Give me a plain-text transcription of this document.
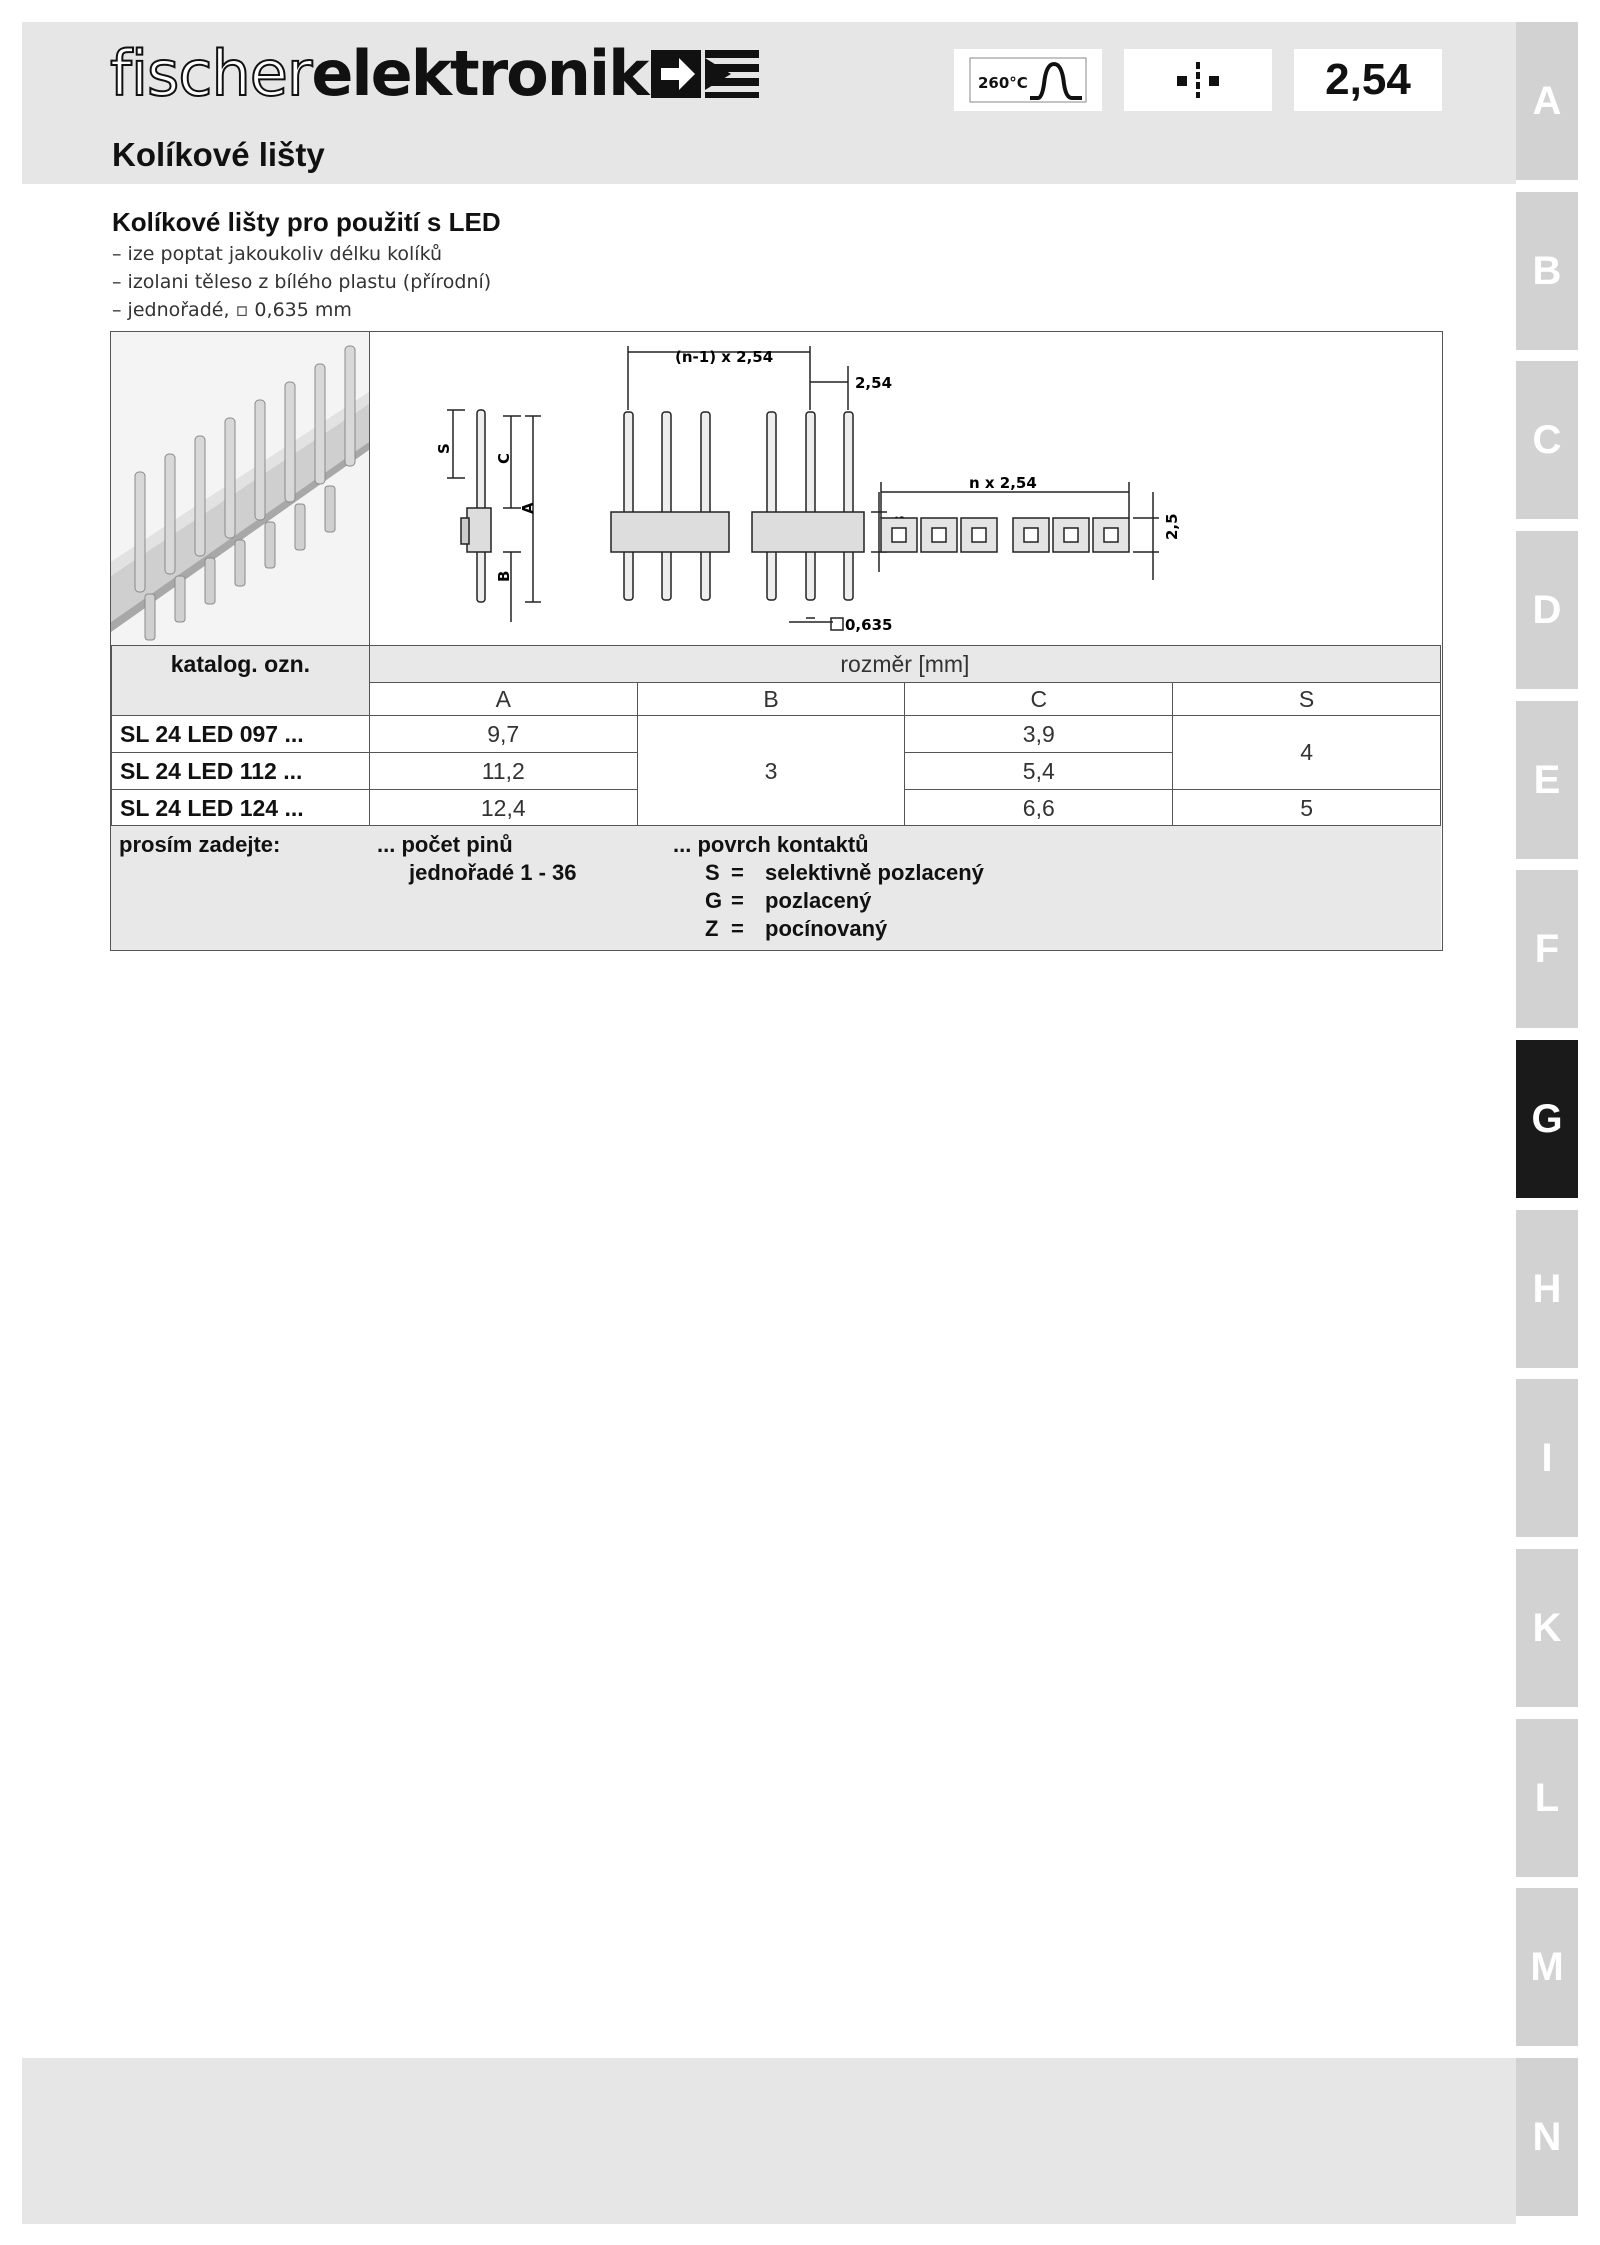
fischer elektronik	260°C	2,54
Kolíkové lišty
A
B
C
D
E
F
G
H
I
K
L
M
N
Kolíkové lišty pro použití s LED
– ize poptat jakoukoliv délku kolíků
– izolani těleso z bílého plastu (přírodní)
– jednořadé, ▫ 0,635 mm
S
C
A
B
(n-1) x 2,54
2,54
0,635
n x 2,54
2,5
katalog. ozn.	rozměr [mm]			
	A	B	C	S
SL 24 LED 097 ...	9,7	3	3,9	4
SL 24 LED 112 ...	11,2		5,4	
SL 24 LED 124 ...	12,4		6,6	5
prosím zadejte:	... počet pinů
jednořadé 1 - 36
... povrch kontaktů
S = selektivně pozlacený
G = pozlacený
Z = pocínovaný
